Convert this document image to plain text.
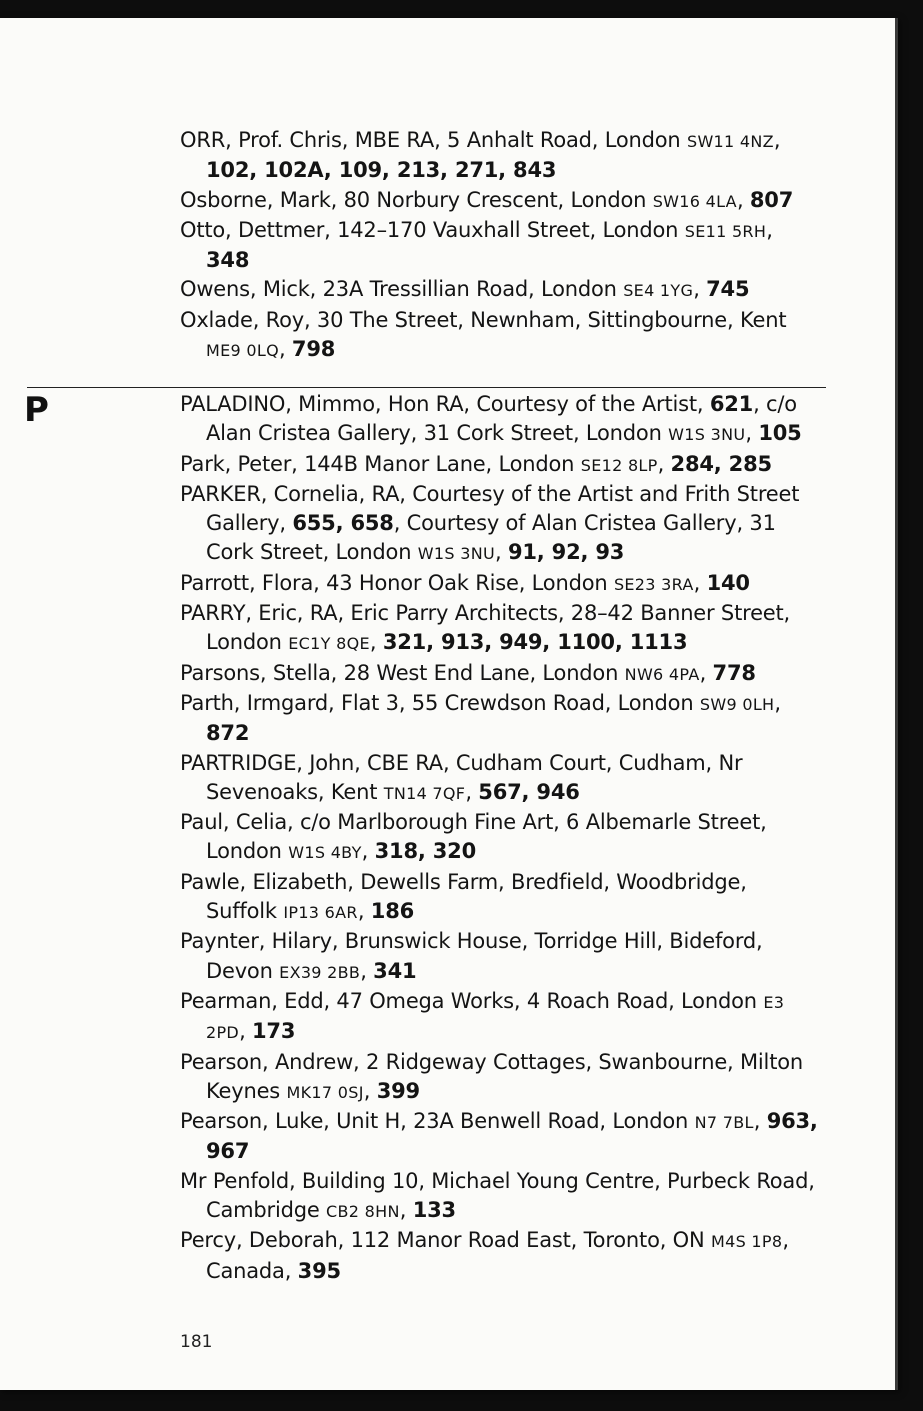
ORR, Prof. Chris, MBE RA, 5 Anhalt Road, London SW11 4NZ, 102, 102A, 109, 213, 271, 843
Osborne, Mark, 80 Norbury Crescent, London SW16 4LA, 807
Otto, Dettmer, 142–170 Vauxhall Street, London SE11 5RH, 348
Owens, Mick, 23A Tressillian Road, London SE4 1YG, 745
Oxlade, Roy, 30 The Street, Newnham, Sittingbourne, Kent ME9 0LQ, 798
P	PALADINO, Mimmo, Hon RA, Courtesy of the Artist, 621, c/o Alan Cristea Gallery, 31 Cork Street, London W1S 3NU, 105
Park, Peter, 144B Manor Lane, London SE12 8LP, 284, 285
PARKER, Cornelia, RA, Courtesy of the Artist and Frith Street Gallery, 655, 658, Courtesy of Alan Cristea Gallery, 31 Cork Street, London W1S 3NU, 91, 92, 93
Parrott, Flora, 43 Honor Oak Rise, London SE23 3RA, 140
PARRY, Eric, RA, Eric Parry Architects, 28–42 Banner Street, London EC1Y 8QE, 321, 913, 949, 1100, 1113
Parsons, Stella, 28 West End Lane, London NW6 4PA, 778
Parth, Irmgard, Flat 3, 55 Crewdson Road, London SW9 0LH, 872
PARTRIDGE, John, CBE RA, Cudham Court, Cudham, Nr Sevenoaks, Kent TN14 7QF, 567, 946
Paul, Celia, c/o Marlborough Fine Art, 6 Albemarle Street, London W1S 4BY, 318, 320
Pawle, Elizabeth, Dewells Farm, Bredfield, Woodbridge, Suffolk IP13 6AR, 186
Paynter, Hilary, Brunswick House, Torridge Hill, Bideford, Devon EX39 2BB, 341
Pearman, Edd, 47 Omega Works, 4 Roach Road, London E3 2PD, 173
Pearson, Andrew, 2 Ridgeway Cottages, Swanbourne, Milton Keynes MK17 0SJ, 399
Pearson, Luke, Unit H, 23A Benwell Road, London N7 7BL, 963, 967
Mr Penfold, Building 10, Michael Young Centre, Purbeck Road, Cambridge CB2 8HN, 133
Percy, Deborah, 112 Manor Road East, Toronto, ON M4S 1P8, Canada, 395
181
